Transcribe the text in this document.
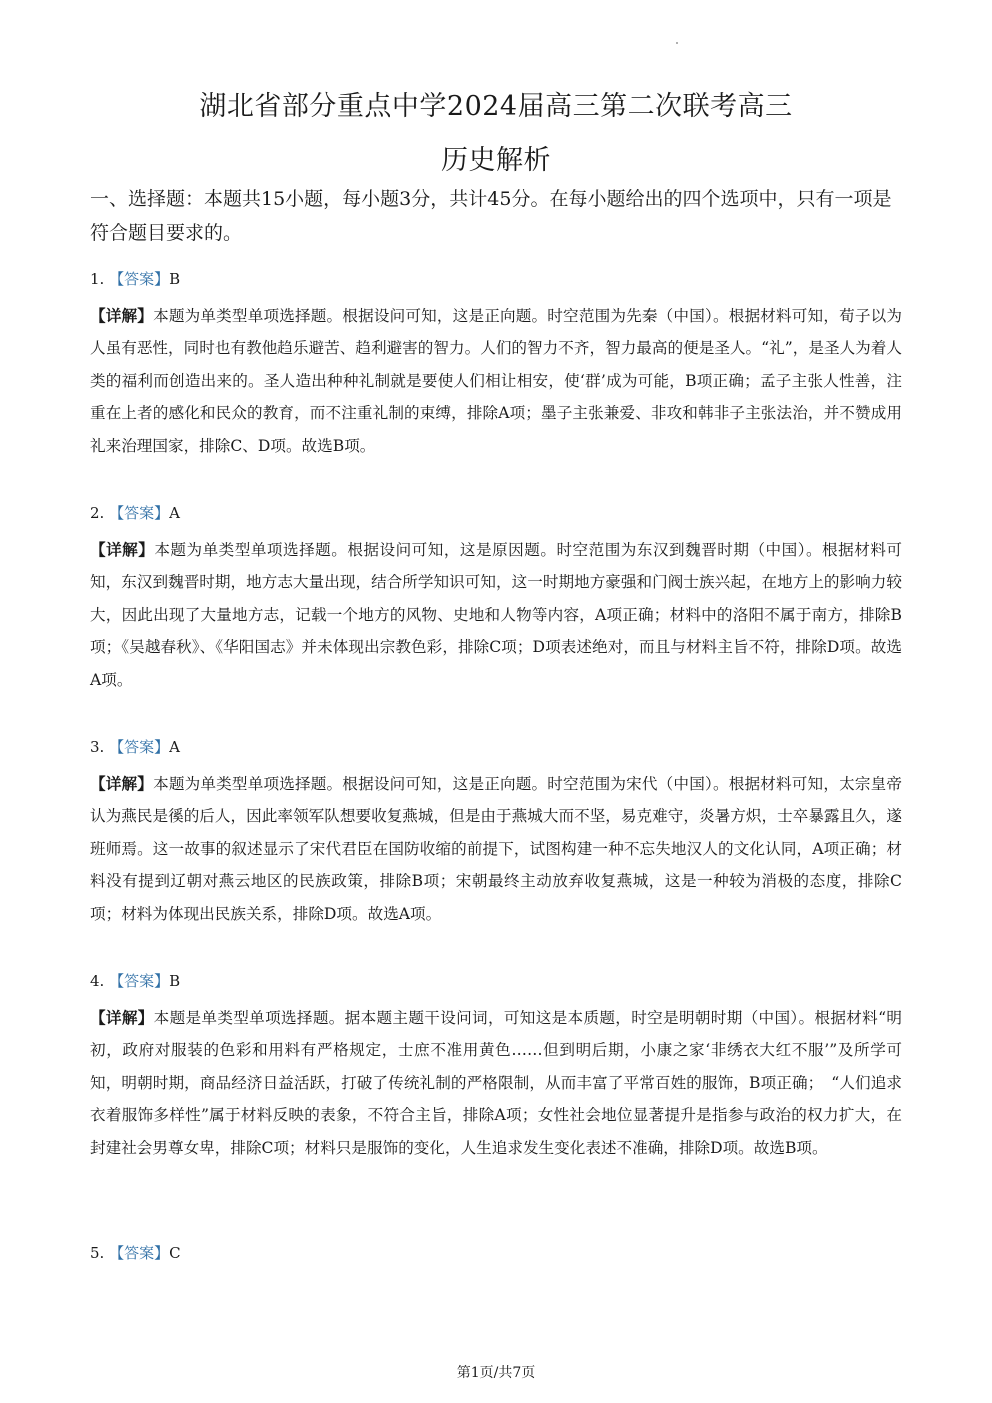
湖北省部分重点中学2024届高三第二次联考高三
历史解析
一、选择题：本题共15小题，每小题3分，共计45分。在每小题给出的四个选项中，只有一项是符合题目要求的。
1. 【答案】B
【详解】本题为单类型单项选择题。根据设问可知，这是正向题。时空范围为先秦（中国）。根据材料可知，荀子以为人虽有恶性，同时也有教他趋乐避苦、趋利避害的智力。人们的智力不齐，智力最高的便是圣人。“礼”，是圣人为着人类的福利而创造出来的。圣人造出种种礼制就是要使人们相让相安，使‘群’成为可能，B项正确；孟子主张人性善，注重在上者的感化和民众的教育，而不注重礼制的束缚，排除A项；墨子主张兼爱、非攻和韩非子主张法治，并不赞成用礼来治理国家，排除C、D项。故选B项。
2. 【答案】A
【详解】本题为单类型单项选择题。根据设问可知，这是原因题。时空范围为东汉到魏晋时期（中国）。根据材料可知，东汉到魏晋时期，地方志大量出现，结合所学知识可知，这一时期地方豪强和门阀士族兴起，在地方上的影响力较大，因此出现了大量地方志，记载一个地方的风物、史地和人物等内容，A项正确；材料中的洛阳不属于南方，排除B项；《吴越春秋》、《华阳国志》并未体现出宗教色彩，排除C项；D项表述绝对，而且与材料主旨不符，排除D项。故选A项。
3. 【答案】A
【详解】本题为单类型单项选择题。根据设问可知，这是正向题。时空范围为宋代（中国）。根据材料可知，太宗皇帝认为燕民是徯的后人，因此率领军队想要收复燕城，但是由于燕城大而不坚，易克难守，炎暑方炽，士卒暴露且久，遂班师焉。这一故事的叙述显示了宋代君臣在国防收缩的前提下，试图构建一种不忘失地汉人的文化认同，A项正确；材料没有提到辽朝对燕云地区的民族政策，排除B项；宋朝最终主动放弃收复燕城，这是一种较为消极的态度，排除C项；材料为体现出民族关系，排除D项。故选A项。
4. 【答案】B
【详解】本题是单类型单项选择题。据本题主题干设问词，可知这是本质题，时空是明朝时期（中国）。根据材料“明初，政府对服装的色彩和用料有严格规定，士庶不准用黄色……但到明后期，小康之家‘非绣衣大红不服’”及所学可知，明朝时期，商品经济日益活跃，打破了传统礼制的严格限制，从而丰富了平常百姓的服饰，B项正确；　“人们追求衣着服饰多样性”属于材料反映的表象，不符合主旨，排除A项；女性社会地位显著提升是指参与政治的权力扩大，在封建社会男尊女卑，排除C项；材料只是服饰的变化，人生追求发生变化表述不准确，排除D项。故选B项。
5. 【答案】C
第1页/共7页
